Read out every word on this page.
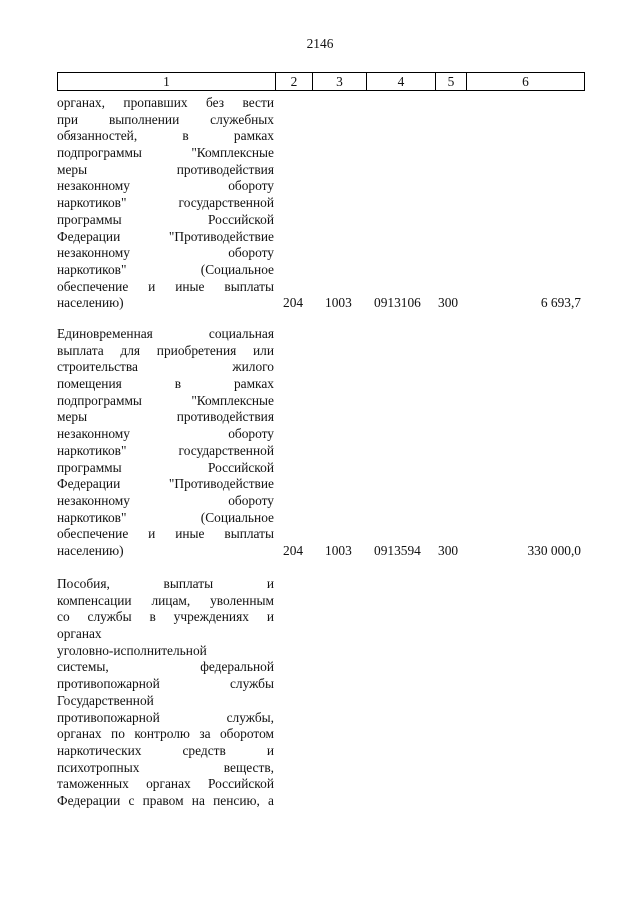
2146
1	2	3	4	5	6
органах, пропавших без вести
при выполнении служебных
обязанностей, в рамках
подпрограммы "Комплексные
меры противодействия
незаконному обороту
наркотиков" государственной
программы Российской
Федерации "Противодействие
незаконному обороту
наркотиков" (Социальное
обеспечение и иные выплаты
населению)	204 1003 0913106 300	6 693,7
Единовременная социальная
выплата для приобретения или
строительства жилого
помещения в рамках
подпрограммы "Комплексные
меры противодействия
незаконному обороту
наркотиков" государственной
программы Российской
Федерации "Противодействие
незаконному обороту
наркотиков" (Социальное
обеспечение и иные выплаты
населению)	204 1003 0913594 300	330 000,0
Пособия, выплаты и
компенсации лицам, уволенным
со службы в учреждениях и
органах
уголовно-исполнительной
системы, федеральной
противопожарной службы
Государственной
противопожарной службы,
органах по контролю за оборотом
наркотических средств и
психотропных веществ,
таможенных органах Российской
Федерации с правом на пенсию, а
